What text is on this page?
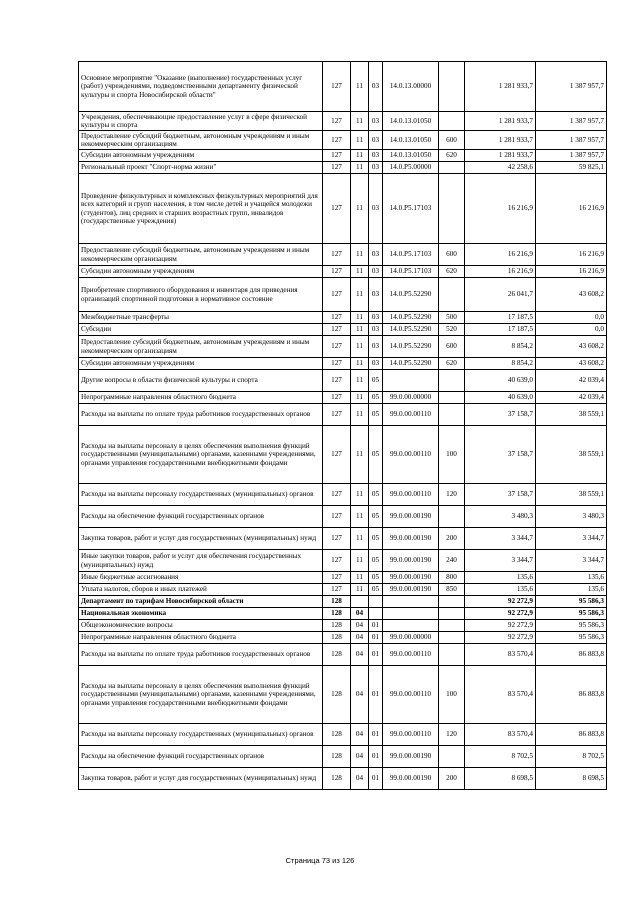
Основное мероприятие "Оказание (выполнение) государственных услуг (работ) учреждениями, подведомственными департаменту физической культуры и спорта Новосибирской области"	127	11	03	14.0.13.00000		1 281 933,7	1 387 957,7
Учреждения, обеспечивающие предоставление услуг в сфере физической культуры и спорта	127	11	03	14.0.13.01050		1 281 933,7	1 387 957,7
Предоставление субсидий бюджетным, автономным учреждениям и иным некоммерческим организациям	127	11	03	14.0.13.01050	600	1 281 933,7	1 387 957,7
Субсидии автономным учреждениям	127	11	03	14.0.13.01050	620	1 281 933,7	1 387 957,7
Региональный проект "Спорт-норма жизни"	127	11	03	14.0.P5.00000		42 258,6	59 825,1
Проведение физкультурных и комплексных физкультурных мероприятий для всех категорий и групп населения, в том числе детей и учащейся молодежи (студентов), лиц средних и старших возрастных групп, инвалидов (государственные учреждения)	127	11	03	14.0.P5.17103		16 216,9	16 216,9
Предоставление субсидий бюджетным, автономным учреждениям и иным некоммерческим организациям	127	11	03	14.0.P5.17103	600	16 216,9	16 216,9
Субсидии автономным учреждениям	127	11	03	14.0.P5.17103	620	16 216,9	16 216,9
Приобретение спортивного оборудования и инвентаря для приведения организаций спортивной подготовки в нормативное состояние	127	11	03	14.0.P5.52290		26 041,7	43 608,2
Межбюджетные трансферты	127	11	03	14.0.P5.52290	500	17 187,5	0,0
Субсидии	127	11	03	14.0.P5.52290	520	17 187,5	0,0
Предоставление субсидий бюджетным, автономным учреждениям и иным некоммерческим организациям	127	11	03	14.0.P5.52290	600	8 854,2	43 608,2
Субсидии автономным учреждениям	127	11	03	14.0.P5.52290	620	8 854,2	43 608,2
Другие вопросы в области физической культуры и спорта	127	11	05			40 639,0	42 039,4
Непрограммные направления областного бюджета	127	11	05	99.0.00.00000		40 639,0	42 039,4
Расходы на выплаты по оплате труда работников государственных органов	127	11	05	99.0.00.00110		37 158,7	38 559,1
Расходы на выплаты персоналу в целях обеспечения выполнения функций государственными (муниципальными) органами, казенными учреждениями, органами управления государственными внебюджетными фондами	127	11	05	99.0.00.00110	100	37 158,7	38 559,1
Расходы на выплаты персоналу государственных (муниципальных) органов	127	11	05	99.0.00.00110	120	37 158,7	38 559,1
Расходы на обеспечение функций государственных органов	127	11	05	99.0.00.00190		3 480,3	3 480,3
Закупка товаров, работ и услуг для государственных (муниципальных) нужд	127	11	05	99.0.00.00190	200	3 344,7	3 344,7
Иные закупки товаров, работ и услуг для обеспечения государственных (муниципальных) нужд	127	11	05	99.0.00.00190	240	3 344,7	3 344,7
Иные бюджетные ассигнования	127	11	05	99.0.00.00190	800	135,6	135,6
Уплата налогов, сборов и иных платежей	127	11	05	99.0.00.00190	850	135,6	135,6
Департамент по тарифам Новосибирской области	128					92 272,9	95 586,3
Национальная экономика	128	04				92 272,9	95 586,3
Общеэкономические вопросы	128	04	01			92 272,9	95 586,3
Непрограммные направления областного бюджета	128	04	01	99.0.00.00000		92 272,9	95 586,3
Расходы на выплаты по оплате труда работников государственных органов	128	04	01	99.0.00.00110		83 570,4	86 883,8
Расходы на выплаты персоналу в целях обеспечения выполнения функций государственными (муниципальными) органами, казенными учреждениями, органами управления государственными внебюджетными фондами	128	04	01	99.0.00.00110	100	83 570,4	86 883,8
Расходы на выплаты персоналу государственных (муниципальных) органов	128	04	01	99.0.00.00110	120	83 570,4	86 883,8
Расходы на обеспечение функций государственных органов	128	04	01	99.0.00.00190		8 702,5	8 702,5
Закупка товаров, работ и услуг для государственных (муниципальных) нужд	128	04	01	99.0.00.00190	200	8 698,5	8 698,5
Страница 73 из 126
